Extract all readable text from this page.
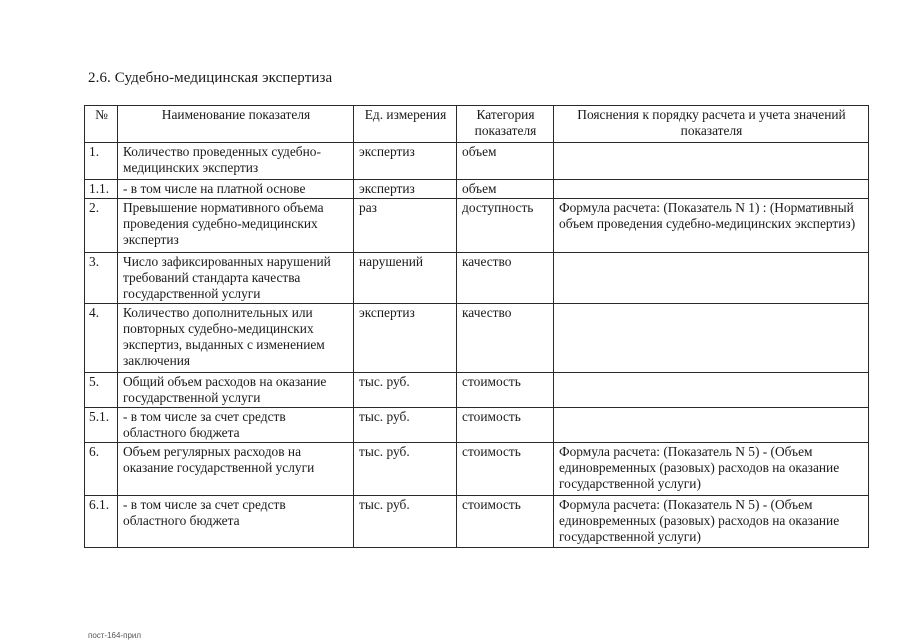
2.6. Судебно-медицинская экспертиза
№	Наименование показателя	Ед. измерения	Категория показателя	Пояснения к порядку расчета и учета значений показателя
1.	Количество проведенных судебно-медицинских экспертиз	экспертиз	объем	
1.1.	- в том числе на платной основе	экспертиз	объем	
2.	Превышение нормативного объема проведения судебно-медицинских экспертиз	раз	доступность	Формула расчета: (Показатель N 1) : (Нормативный объем проведения судебно-медицинских экспертиз)
3.	Число зафиксированных нарушений требований стандарта качества государственной услуги	нарушений	качество	
4.	Количество дополнительных или повторных судебно-медицинских экспертиз, выданных с изменением заключения	экспертиз	качество	
5.	Общий объем расходов на оказание государственной услуги	тыс. руб.	стоимость	
5.1.	- в том числе за счет средств областного бюджета	тыс. руб.	стоимость	
6.	Объем регулярных расходов на оказание государственной услуги	тыс. руб.	стоимость	Формула расчета: (Показатель N 5) - (Объем единовременных (разовых) расходов на оказание государственной услуги)
6.1.	- в том числе за счет средств областного бюджета	тыс. руб.	стоимость	Формула расчета: (Показатель N 5) - (Объем единовременных (разовых) расходов на оказание государственной услуги)
пост-164-прил
